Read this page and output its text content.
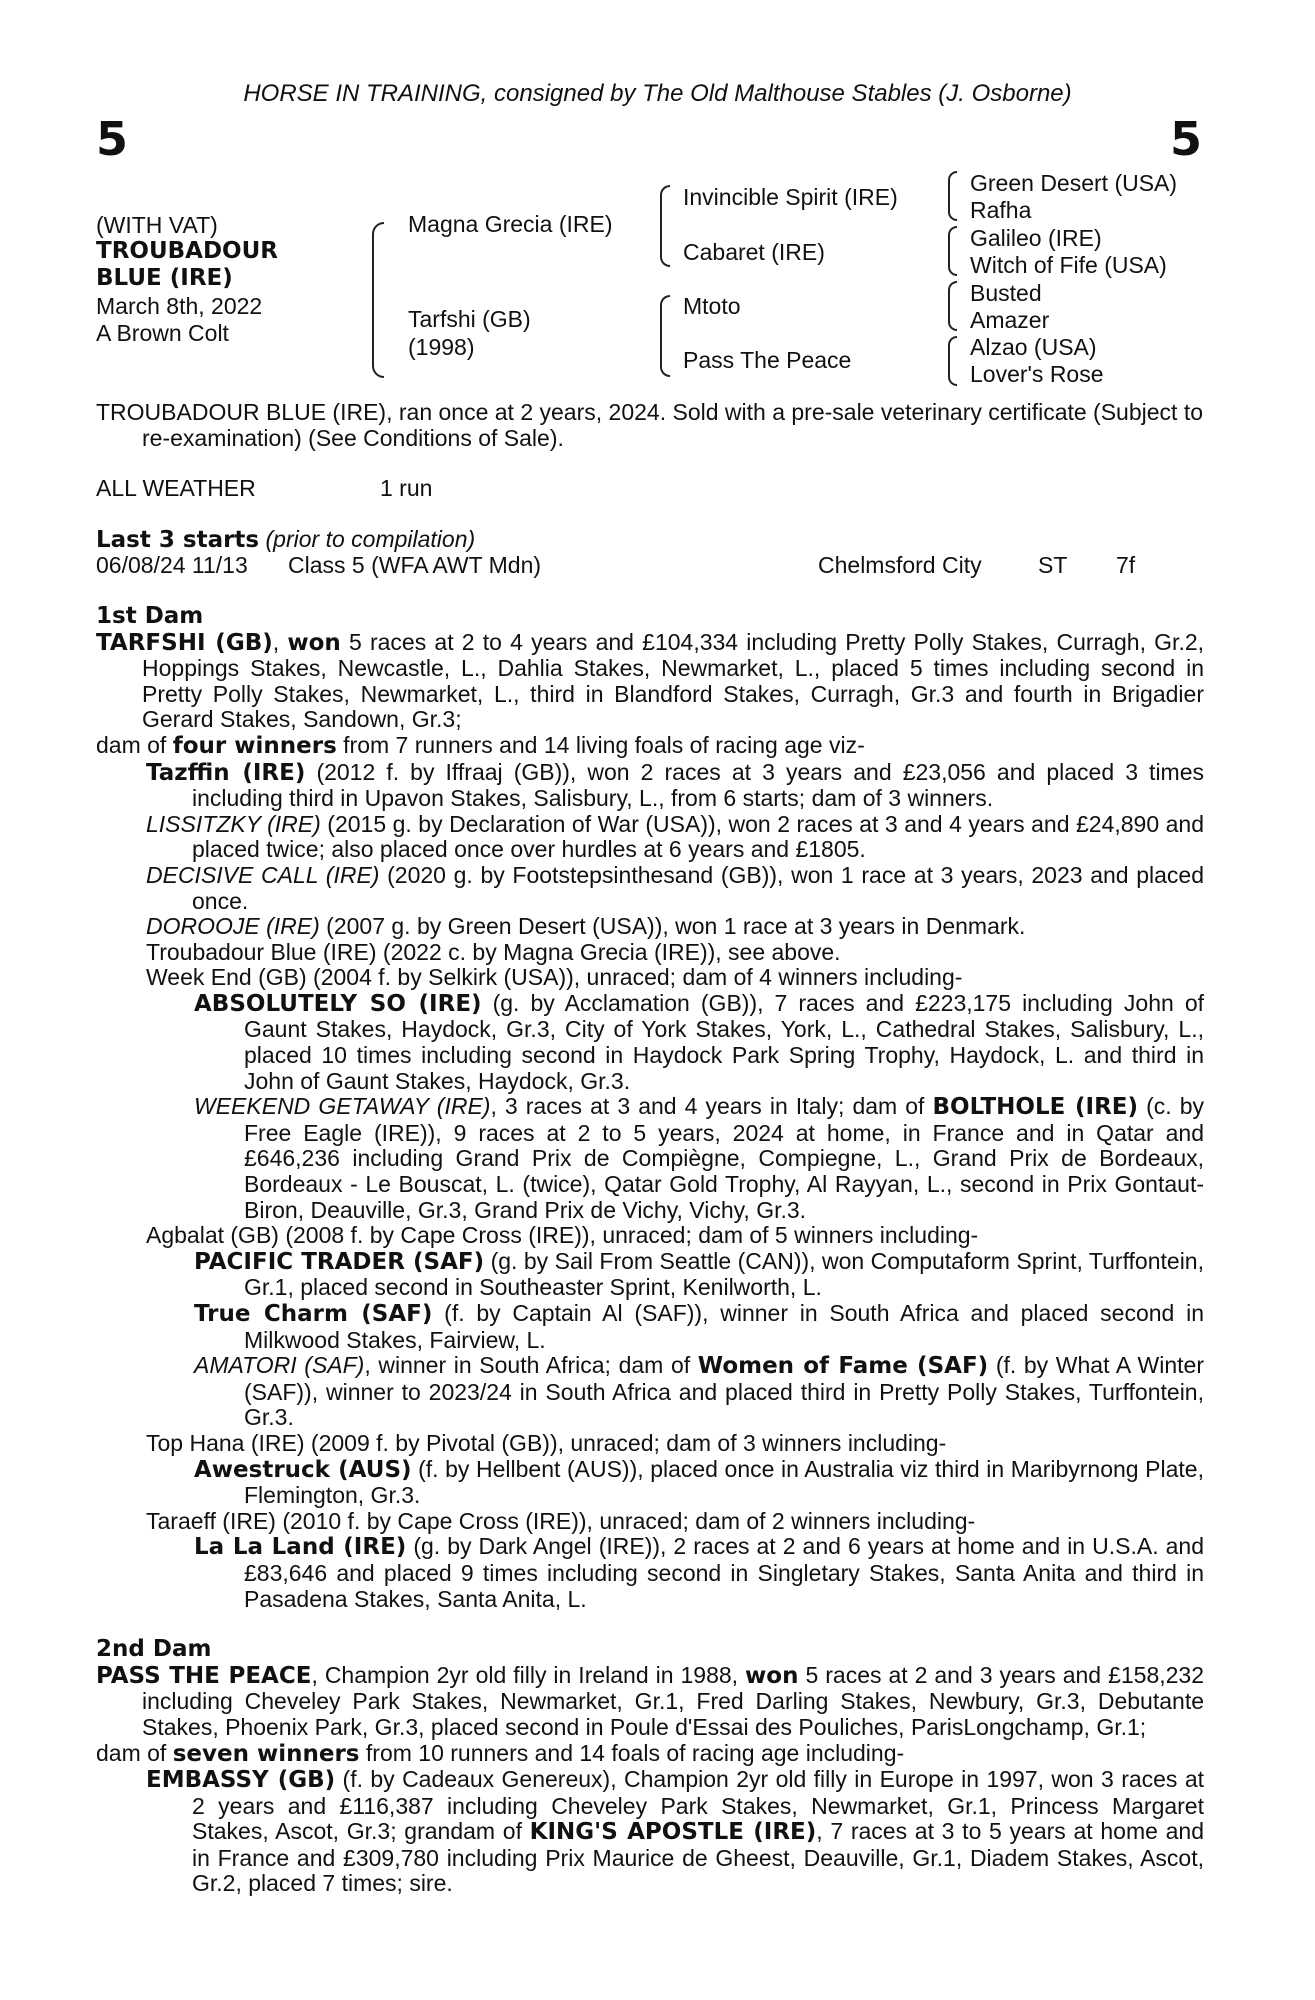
HORSE IN TRAINING, consigned by The Old Malthouse Stables (J. Osborne)
5	5
(WITH VAT)
TROUBADOUR
BLUE (IRE)
March 8th, 2022
A Brown Colt
Magna Grecia (IRE)
Tarfshi (GB)
(1998)
Invincible Spirit (IRE)
Cabaret (IRE)
Mtoto
Pass The Peace
Green Desert (USA)
Rafha
Galileo (IRE)
Witch of Fife (USA)
Busted
Amazer
Alzao (USA)
Lover's Rose

TROUBADOUR BLUE (IRE), ran once at 2 years, 2024. Sold with a pre-sale veterinary certificate (Subject to re-examination) (See Conditions of Sale).

ALL WEATHER	1 run

Last 3 starts (prior to compilation)

06/08/24 11/13 Class 5 (WFA AWT Mdn)	Chelmsford City ST 7f

1st Dam

TARFSHI (GB), won 5 races at 2 to 4 years and £104,334 including Pretty Polly Stakes, Curragh, Gr.2, Hoppings Stakes, Newcastle, L., Dahlia Stakes, Newmarket, L., placed 5 times including second in Pretty Polly Stakes, Newmarket, L., third in Blandford Stakes, Curragh, Gr.3 and fourth in Brigadier Gerard Stakes, Sandown, Gr.3;

dam of four winners from 7 runners and 14 living foals of racing age viz-

Tazffin (IRE) (2012 f. by Iffraaj (GB)), won 2 races at 3 years and £23,056 and placed 3 times including third in Upavon Stakes, Salisbury, L., from 6 starts; dam of 3 winners.

LISSITZKY (IRE) (2015 g. by Declaration of War (USA)), won 2 races at 3 and 4 years and £24,890 and placed twice; also placed once over hurdles at 6 years and £1805.

DECISIVE CALL (IRE) (2020 g. by Footstepsinthesand (GB)), won 1 race at 3 years, 2023 and placed once.

DOROOJE (IRE) (2007 g. by Green Desert (USA)), won 1 race at 3 years in Denmark.

Troubadour Blue (IRE) (2022 c. by Magna Grecia (IRE)), see above.

Week End (GB) (2004 f. by Selkirk (USA)), unraced; dam of 4 winners including-

ABSOLUTELY SO (IRE) (g. by Acclamation (GB)), 7 races and £223,175 including John of Gaunt Stakes, Haydock, Gr.3, City of York Stakes, York, L., Cathedral Stakes, Salisbury, L., placed 10 times including second in Haydock Park Spring Trophy, Haydock, L. and third in John of Gaunt Stakes, Haydock, Gr.3.

WEEKEND GETAWAY (IRE), 3 races at 3 and 4 years in Italy; dam of BOLTHOLE (IRE) (c. by Free Eagle (IRE)), 9 races at 2 to 5 years, 2024 at home, in France and in Qatar and £646,236 including Grand Prix de Compiègne, Compiegne, L., Grand Prix de Bordeaux, Bordeaux - Le Bouscat, L. (twice), Qatar Gold Trophy, Al Rayyan, L., second in Prix Gontaut-Biron, Deauville, Gr.3, Grand Prix de Vichy, Vichy, Gr.3.

Agbalat (GB) (2008 f. by Cape Cross (IRE)), unraced; dam of 5 winners including-

PACIFIC TRADER (SAF) (g. by Sail From Seattle (CAN)), won Computaform Sprint, Turffontein, Gr.1, placed second in Southeaster Sprint, Kenilworth, L.

True Charm (SAF) (f. by Captain Al (SAF)), winner in South Africa and placed second in Milkwood Stakes, Fairview, L.

AMATORI (SAF), winner in South Africa; dam of Women of Fame (SAF) (f. by What A Winter (SAF)), winner to 2023/24 in South Africa and placed third in Pretty Polly Stakes, Turffontein, Gr.3.

Top Hana (IRE) (2009 f. by Pivotal (GB)), unraced; dam of 3 winners including-

Awestruck (AUS) (f. by Hellbent (AUS)), placed once in Australia viz third in Maribyrnong Plate, Flemington, Gr.3.

Taraeff (IRE) (2010 f. by Cape Cross (IRE)), unraced; dam of 2 winners including-

La La Land (IRE) (g. by Dark Angel (IRE)), 2 races at 2 and 6 years at home and in U.S.A. and £83,646 and placed 9 times including second in Singletary Stakes, Santa Anita and third in Pasadena Stakes, Santa Anita, L.

2nd Dam

PASS THE PEACE, Champion 2yr old filly in Ireland in 1988, won 5 races at 2 and 3 years and £158,232 including Cheveley Park Stakes, Newmarket, Gr.1, Fred Darling Stakes, Newbury, Gr.3, Debutante Stakes, Phoenix Park, Gr.3, placed second in Poule d'Essai des Pouliches, ParisLongchamp, Gr.1;

dam of seven winners from 10 runners and 14 foals of racing age including-

EMBASSY (GB) (f. by Cadeaux Genereux), Champion 2yr old filly in Europe in 1997, won 3 races at 2 years and £116,387 including Cheveley Park Stakes, Newmarket, Gr.1, Princess Margaret Stakes, Ascot, Gr.3; grandam of KING'S APOSTLE (IRE), 7 races at 3 to 5 years at home and in France and £309,780 including Prix Maurice de Gheest, Deauville, Gr.1, Diadem Stakes, Ascot, Gr.2, placed 7 times; sire.
